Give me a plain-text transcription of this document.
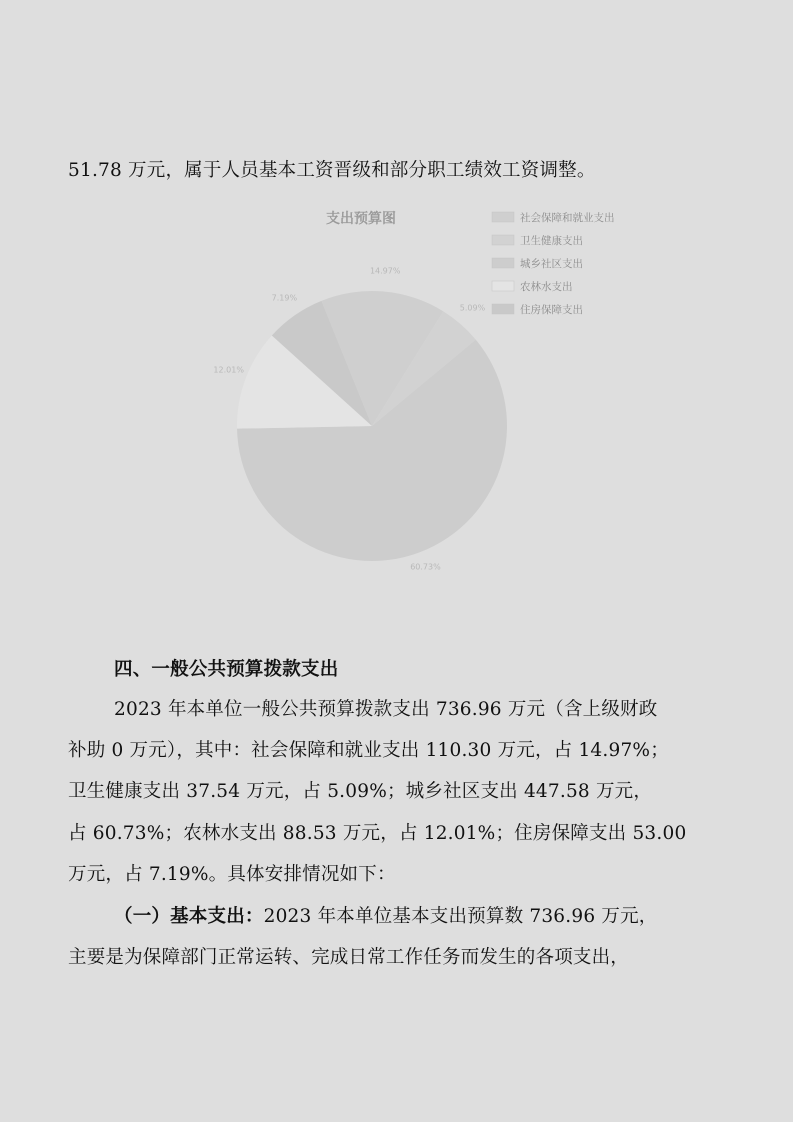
51.78 万元，属于人员基本工资晋级和部分职工绩效工资调整。
支出预算图
14.97%
5.09%
60.73%
12.01%
7.19%
社会保障和就业支出
卫生健康支出
城乡社区支出
农林水支出
住房保障支出
四、一般公共预算拨款支出
2023 年本单位一般公共预算拨款支出 736.96 万元（含上级财政
补助 0 万元），其中：社会保障和就业支出 110.30 万元，占 14.97%；
卫生健康支出 37.54 万元，占 5.09%；城乡社区支出 447.58 万元，
占 60.73%；农林水支出 88.53 万元，占 12.01%；住房保障支出 53.00
万元，占 7.19%。具体安排情况如下：
（一）基本支出：2023 年本单位基本支出预算数 736.96 万元，
主要是为保障部门正常运转、完成日常工作任务而发生的各项支出，
